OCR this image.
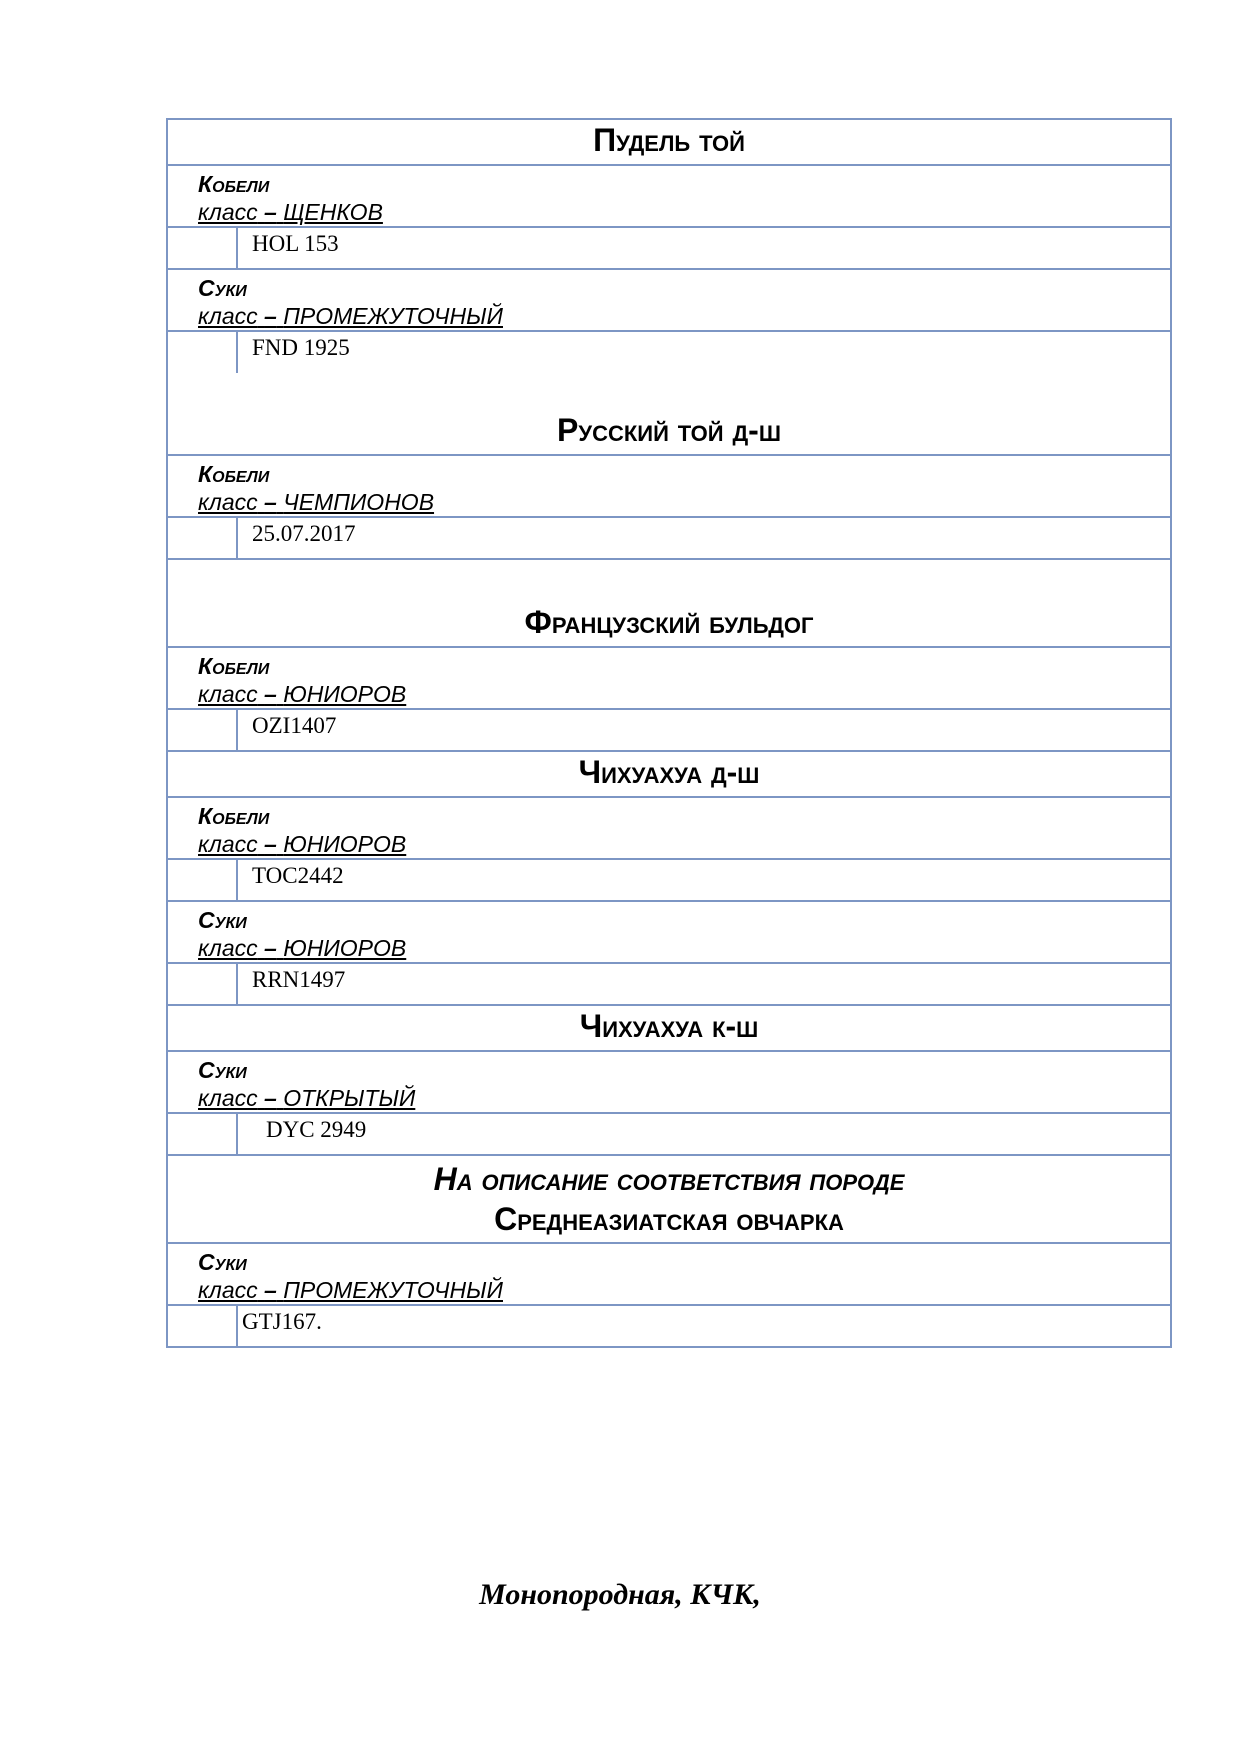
Пудель той	

Кобели
класс – ЩЕНКОВ	

	HOL 153

Суки
класс – ПРОМЕЖУТОЧНЫЙ	

	FND 1925
Русский той д-ш	

Кобели
класс – ЧЕМПИОНОВ	

	25.07.2017
Французский бульдог	

Кобели
класс – ЮНИОРОВ	

	OZI1407
Чихуахуа д-ш	

Кобели
класс – ЮНИОРОВ	

	TOC2442

Суки
класс – ЮНИОРОВ	

	RRN1497
Чихуахуа к-ш	

Суки
класс – ОТКРЫТЫЙ	

	DYC 2949

На описание соответствия породе
Среднеазиатская овчарка	

Суки
класс – ПРОМЕЖУТОЧНЫЙ	

	GTJ167.
Монопородная, КЧК,
